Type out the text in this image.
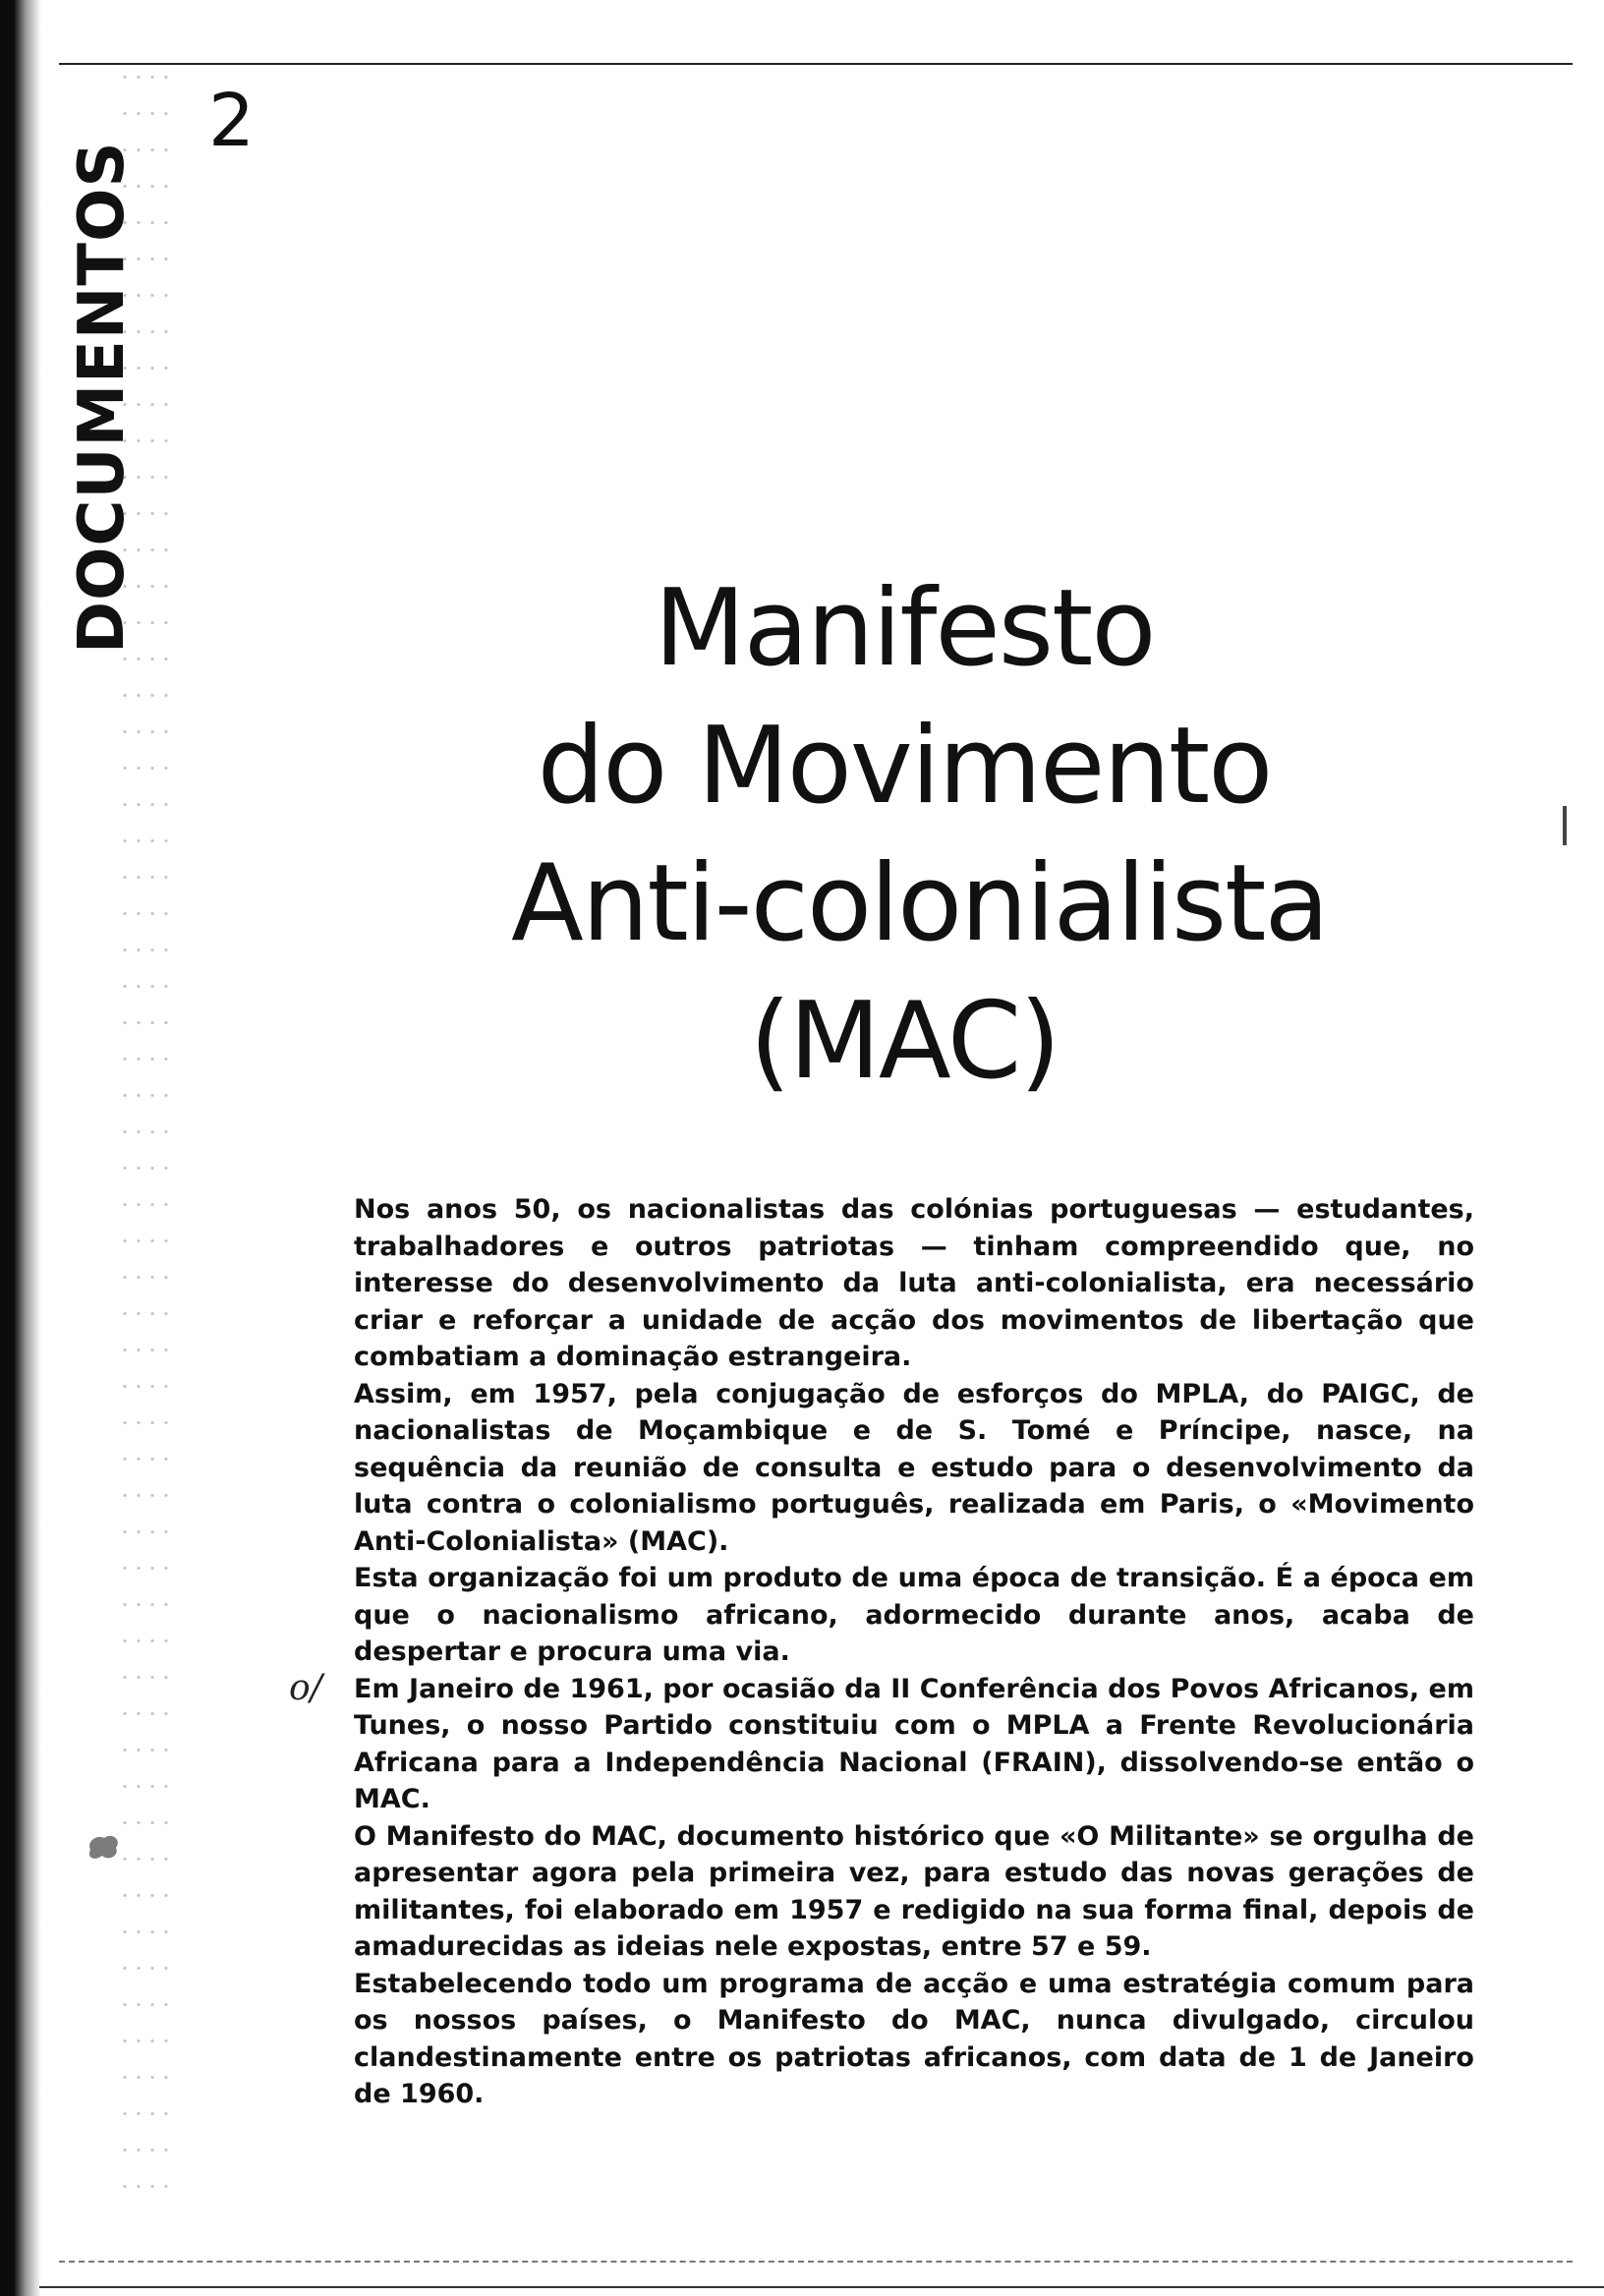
DOCUMENTOS
2
Manifesto
do Movimento
Anti-colonialista
(MAC)
o/

Nos anos 50, os nacionalistas das colónias portuguesas — estudantes, trabalhadores e outros patriotas — tinham compreendido que, no interesse do desenvolvimento da luta anti-colonialista, era necessário criar e reforçar a unidade de acção dos movimentos de libertação que combatiam a dominação estrangeira.

Assim, em 1957, pela conjugação de esforços do MPLA, do PAIGC, de nacionalistas de Moçambique e de S. Tomé e Príncipe, nasce, na sequência da reunião de consulta e estudo para o desenvolvimento da luta contra o colonialismo português, realizada em Paris, o «Movimento Anti-Colonialista» (MAC).

Esta organização foi um produto de uma época de transição. É a época em que o nacionalismo africano, adormecido durante anos, acaba de despertar e procura uma via.

Em Janeiro de 1961, por ocasião da II Conferência dos Povos Africanos, em Tunes, o nosso Partido constituiu com o MPLA a Frente Revolucionária Africana para a Independência Nacional (FRAIN), dissolvendo-se então o MAC.

O Manifesto do MAC, documento histórico que «O Militante» se orgulha de apresentar agora pela primeira vez, para estudo das novas gerações de militantes, foi elaborado em 1957 e redigido na sua forma final, depois de amadurecidas as ideias nele expostas, entre 57 e 59.

Estabelecendo todo um programa de acção e uma estratégia comum para os nossos países, o Manifesto do MAC, nunca divulgado, circulou clandestinamente entre os patriotas africanos, com data de 1 de Janeiro de 1960.
